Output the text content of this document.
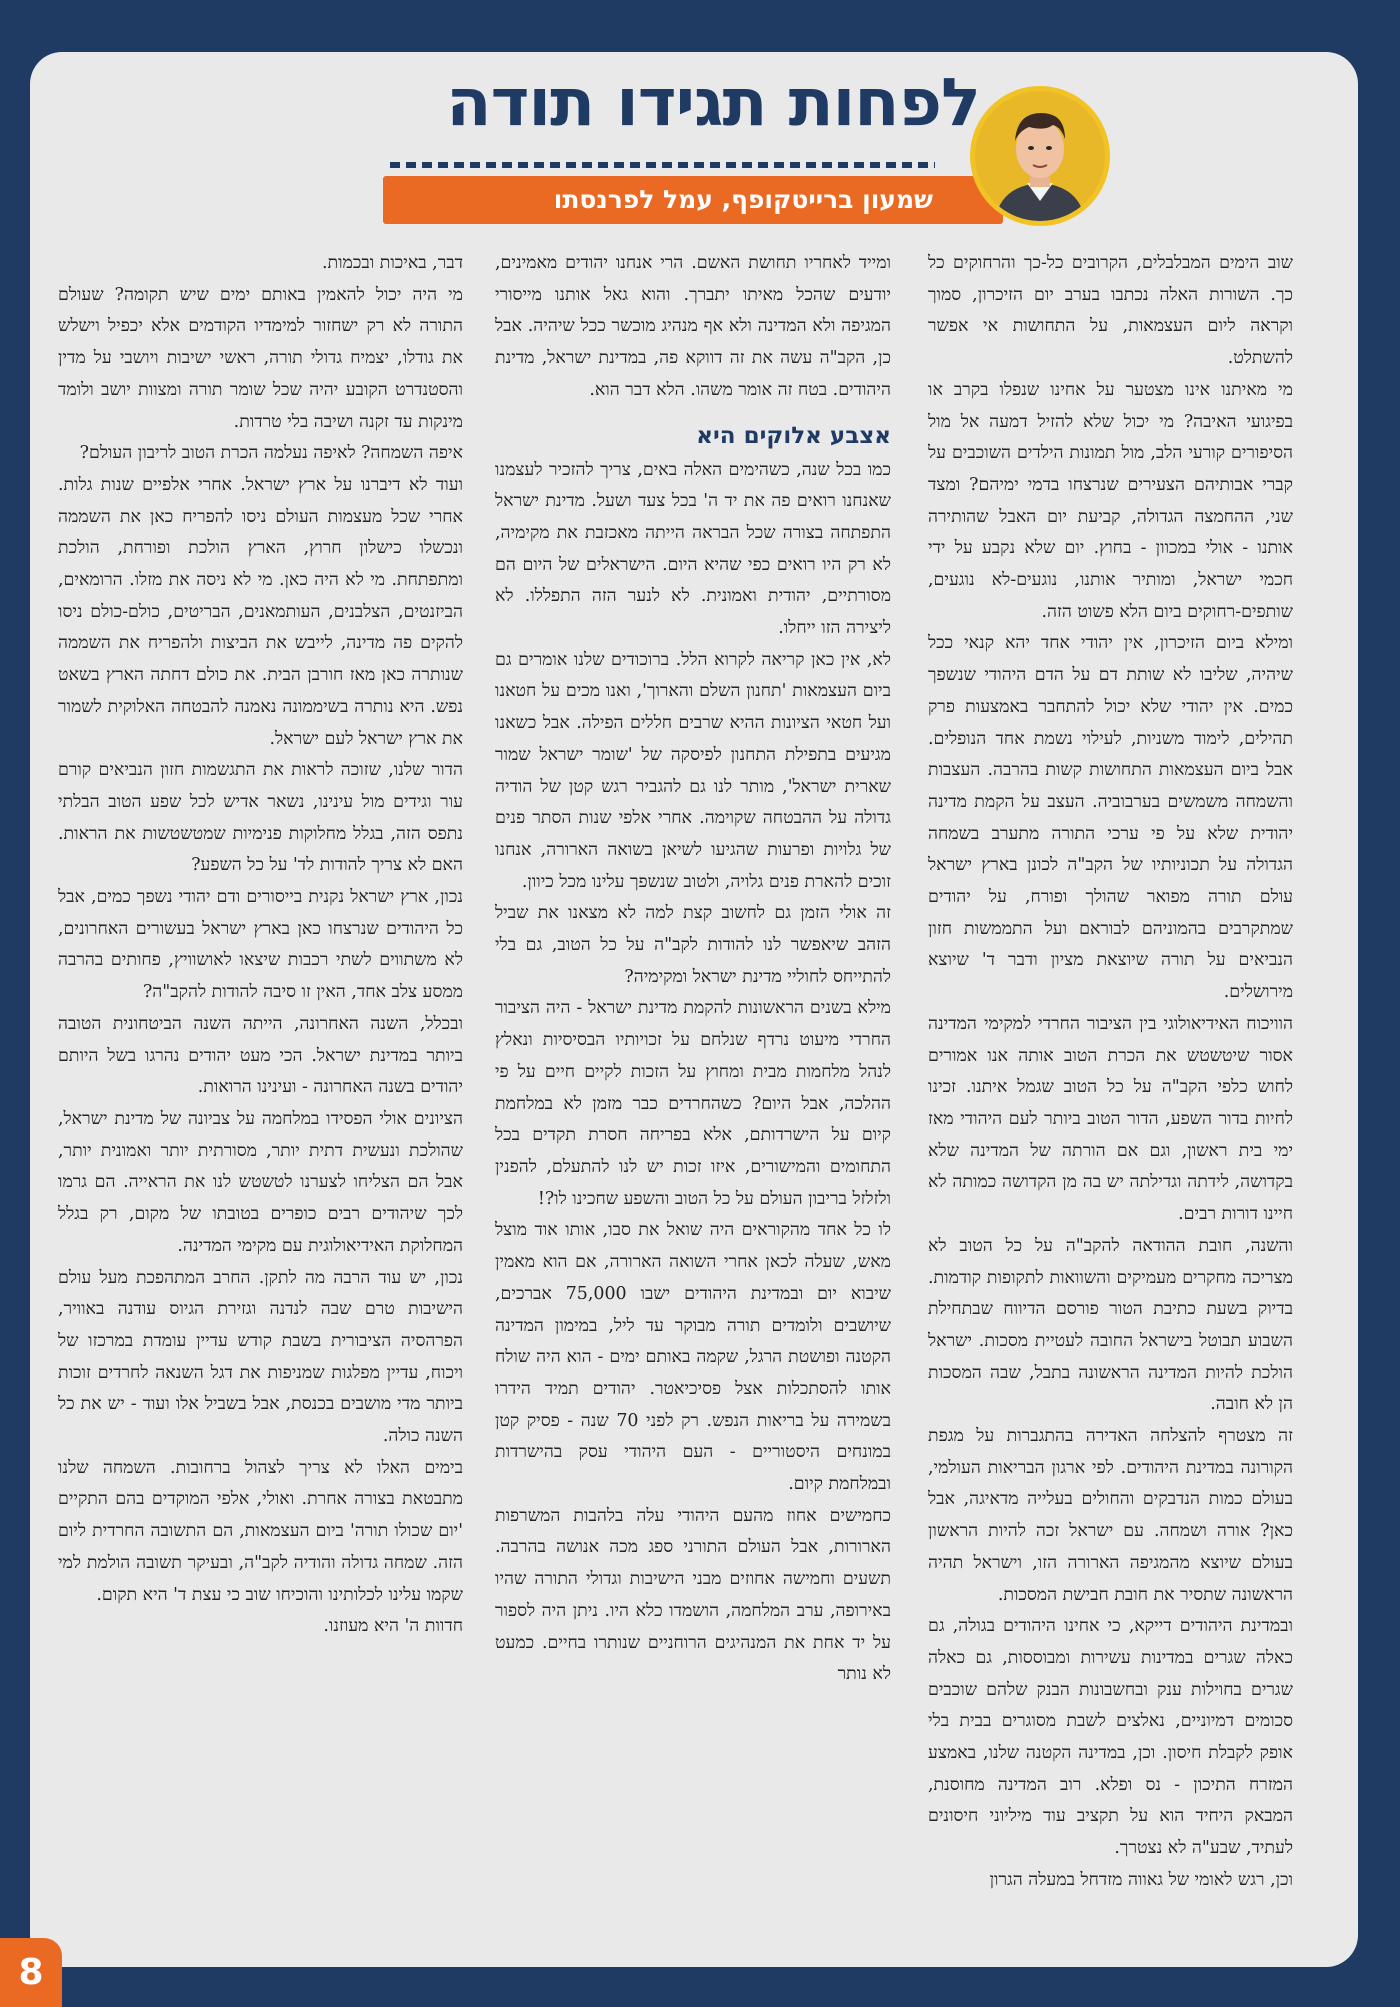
לפחות תגידו תודה
שמעון ברייטקופף, עמל לפרנסתו

שוב הימים המבלבלים, הקרובים כל-כך והרחוקים כל כך. השורות האלה נכתבו בערב יום הזיכרון, סמוך וקראה ליום העצמאות, על התחושות אי אפשר להשתלט.

מי מאיתנו אינו מצטער על אחינו שנפלו בקרב או בפיגועי האיבה? מי יכול שלא להזיל דמעה אל מול הסיפורים קורעי הלב, מול תמונות הילדים השוכבים על קברי אבותיהם הצעירים שנרצחו בדמי ימיהם? ומצד שני, ההחמצה הגדולה, קביעת יום האבל שהותירה אותנו - אולי במכוון - בחוץ. יום שלא נקבע על ידי חכמי ישראל, ומותיר אותנו, נוגעים-לא נוגעים, שותפים-רחוקים ביום הלא פשוט הזה.

ומילא ביום הזיכרון, אין יהודי אחד יהא קנאי ככל שיהיה, שליבו לא שותת דם על הדם היהודי שנשפך כמים. אין יהודי שלא יכול להתחבר באמצעות פרק תהילים, לימוד משניות, לעילוי נשמת אחד הנופלים. אבל ביום העצמאות התחושות קשות בהרבה. העצבות והשמחה משמשים בערבוביה. העצב על הקמת מדינה יהודית שלא על פי ערכי התורה מתערב בשמחה הגדולה על תכוניותיו של הקב"ה לכונן בארץ ישראל עולם תורה מפואר שהולך ופורח, על יהודים שמתקרבים בהמוניהם לבוראם ועל התממשות חזון הנביאים על תורה שיוצאת מציון ודבר ד' שיוצא מירושלים.

הוויכוח האידיאולוגי בין הציבור החרדי למקימי המדינה אסור שיטשטש את הכרת הטוב אותה אנו אמורים לחוש כלפי הקב"ה על כל הטוב שגמל איתנו. זכינו לחיות בדור השפע, הדור הטוב ביותר לעם היהודי מאז ימי בית ראשון, וגם אם הורתה של המדינה שלא בקדושה, לידתה וגדילתה יש בה מן הקדושה כמותה לא חיינו דורות רבים.

והשנה, חובת ההודאה להקב"ה על כל הטוב לא מצריכה מחקרים מעמיקים והשוואות לתקופות קודמות. בדיוק בשעת כתיבת הטור פורסם הדיווח שבתחילת השבוע תבוטל בישראל החובה לעטיית מסכות. ישראל הולכת להיות המדינה הראשונה בתבל, שבה המסכות הן לא חובה.

זה מצטרף להצלחה האדירה בהתגברות על מגפת הקורונה במדינת היהודים. לפי ארגון הבריאות העולמי, בעולם כמות הנדבקים והחולים בעלייה מדאיגה, אבל כאן? אורה ושמחה. עם ישראל זכה להיות הראשון בעולם שיוצא מהמגיפה הארורה הזו, וישראל תהיה הראשונה שתסיר את חובת חבישת המסכות.

ובמדינת היהודים דייקא, כי אחינו היהודים בגולה, גם כאלה שגרים במדינות עשירות ומבוססות, גם כאלה שגרים בחוילות ענק ובחשבונות הבנק שלהם שוכבים סכומים דמיוניים, נאלצים לשבת מסוגרים בבית בלי אופק לקבלת חיסון. וכן, במדינה הקטנה שלנו, באמצע המזרח התיכון - נס ופלא. רוב המדינה מחוסנת, המבאק היחיד הוא על תקציב עוד מיליוני חיסונים לעתיד, שבע"ה לא נצטרך.

וכן, רגש לאומי של גאווה מזדחל במעלה הגרון

ומייד לאחריו תחושת האשם. הרי אנחנו יהודים מאמינים, יודעים שהכל מאיתו יתברך. והוא גאל אותנו מייסורי המגיפה ולא המדינה ולא אף מנהיג מוכשר ככל שיהיה. אבל כן, הקב"ה עשה את זה דווקא פה, במדינת ישראל, מדינת היהודים. בטח זה אומר משהו. הלא דבר הוא.

אצבע אלוקים היא

כמו בכל שנה, כשהימים האלה באים, צריך להזכיר לעצמנו שאנחנו רואים פה את יד ה' בכל צעד ושעל. מדינת ישראל התפתחה בצורה שכל הבראה הייתה מאכזבת את מקימיה, לא רק היו רואים כפי שהיא היום. הישראלים של היום הם מסורתיים, יהודית ואמונית. לא לנער הזה התפללו. לא ליצירה הזו ייחלו.

לא, אין כאן קריאה לקרוא הלל. ברוכודים שלנו אומרים גם ביום העצמאות 'תחנון השלם והארוך', ואנו מכים על חטאנו ועל חטאי הציונות ההיא שרבים חללים הפילה. אבל כשאנו מגיעים בתפילת התחנון לפיסקה של 'שומר ישראל שמור שארית ישראל', מותר לנו גם להגביר רגש קטן של הודיה גדולה על ההבטחה שקוימה. אחרי אלפי שנות הסתר פנים של גלויות ופרעות שהגיעו לשיאן בשואה הארורה, אנחנו זוכים להארת פנים גלויה, ולטוב שנשפך עלינו מכל כיוון.

זה אולי הזמן גם לחשוב קצת למה לא מצאנו את שביל הזהב שיאפשר לנו להודות לקב"ה על כל הטוב, גם בלי להתייחס לחוליי מדינת ישראל ומקימיה?

מילא בשנים הראשונות להקמת מדינת ישראל - היה הציבור החרדי מיעוט נרדף שנלחם על זכויותיו הבסיסיות ונאלץ לנהל מלחמות מבית ומחוץ על הזכות לקיים חיים על פי ההלכה, אבל היום? כשהחרדים כבר מזמן לא במלחמת קיום על הישרדותם, אלא בפריחה חסרת תקדים בכל התחומים והמישורים, איזו זכות יש לנו להתעלם, להפנין ולזלזל בריבון העולם על כל הטוב והשפע שחכינו לו?!

לו כל אחד מהקוראים היה שואל את סבו, אותו אוד מוצל מאש, שעלה לכאן אחרי השואה הארורה, אם הוא מאמין שיבוא יום ובמדינת היהודים ישבו 75,000 אברכים, שיושבים ולומדים תורה מבוקר עד ליל, במימון המדינה הקטנה ופושטת הרגל, שקמה באותם ימים - הוא היה שולח אותו להסתכלות אצל פסיכיאטר. יהודים תמיד הידרו בשמירה על בריאות הנפש. רק לפני 70 שנה - פסיק קטן במונחים היסטוריים - העם היהודי עסק בהישרדות ובמלחמת קיום.

כחמישים אחוז מהעם היהודי עלה בלהבות המשרפות הארורות, אבל העולם התורני ספג מכה אנושה בהרבה. תשעים וחמישה אחוזים מבני הישיבות וגדולי התורה שהיו באירופה, ערב המלחמה, הושמדו כלא היו. ניתן היה לספור על יד אחת את המנהיגים הרוחניים שנותרו בחיים. כמעט לא נותר

דבר, באיכות ובכמות.

מי היה יכול להאמין באותם ימים שיש תקומה? שעולם התורה לא רק ישחזור למימדיו הקודמים אלא יכפיל וישלש את גודלו, יצמיח גדולי תורה, ראשי ישיבות ויושבי על מדין והסטנדרט הקובע יהיה שכל שומר תורה ומצוות יושב ולומד מינקות עד זקנה ושיבה בלי טרדות.

איפה השמחה? לאיפה נעלמה הכרת הטוב לריבון העולם?

ועוד לא דיברנו על ארץ ישראל. אחרי אלפיים שנות גלות. אחרי שכל מעצמות העולם ניסו להפריח כאן את השממה ונכשלו כישלון חרוץ, הארץ הולכת ופורחת, הולכת ומתפתחת. מי לא היה כאן. מי לא ניסה את מזלו. הרומאים, הביזנטים, הצלבנים, העותמאנים, הבריטים, כולם-כולם ניסו להקים פה מדינה, לייבש את הביצות ולהפריח את השממה שנותרה כאן מאז חורבן הבית. את כולם דחתה הארץ בשאט נפש. היא נותרה בשיממונה נאמנה להבטחה האלוקית לשמור את ארץ ישראל לעם ישראל.

הדור שלנו, שזוכה לראות את התגשמות חזון הנביאים קורם עור וגידים מול עינינו, נשאר אדיש לכל שפע הטוב הבלתי נתפס הזה, בגלל מחלוקות פנימיות שמטשטשות את הראות. האם לא צריך להודות לד' על כל השפע?

נכון, ארץ ישראל נקנית בייסורים ודם יהודי נשפך כמים, אבל כל היהודים שנרצחו כאן בארץ ישראל בעשורים האחרונים, לא משתווים לשתי רכבות שיצאו לאושוויץ, פחותים בהרבה ממסע צלב אחד, האין זו סיבה להודות להקב"ה?

ובכלל, השנה האחרונה, הייתה השנה הביטחונית הטובה ביותר במדינת ישראל. הכי מעט יהודים נהרגו בשל היותם יהודים בשנה האחרונה - ועינינו הרואות.

הציונים אולי הפסידו במלחמה על צביונה של מדינת ישראל, שהולכת ונעשית דתית יותר, מסורתית יותר ואמונית יותר, אבל הם הצליחו לצערנו לטשטש לנו את הראייה. הם גרמו לכך שיהודים רבים כופרים בטובתו של מקום, רק בגלל המחלוקת האידיאולוגית עם מקימי המדינה.

נכון, יש עוד הרבה מה לתקן. החרב המתהפכת מעל עולם הישיבות טרם שבה לנדנה וגזירת הגיוס עודנה באוויר, הפרהסיה הציבורית בשבת קודש עדיין עומדת במרכזו של ויכוח, עדיין מפלגות שמניפות את דגל השנאה לחרדים זוכות ביותר מדי מושבים בכנסת, אבל בשביל אלו ועוד - יש את כל השנה כולה.

בימים האלו לא צריך לצהול ברחובות. השמחה שלנו מתבטאת בצורה אחרת. ואולי, אלפי המוקדים בהם התקיים 'יום שכולו תורה' ביום העצמאות, הם התשובה החרדית ליום הזה. שמחה גדולה והודיה לקב"ה, ובעיקר תשובה הולמת למי שקמו עלינו לכלותינו והוכיחו שוב כי עצת ד' היא תקום.

חדוות ה' היא מעוזנו.

8
